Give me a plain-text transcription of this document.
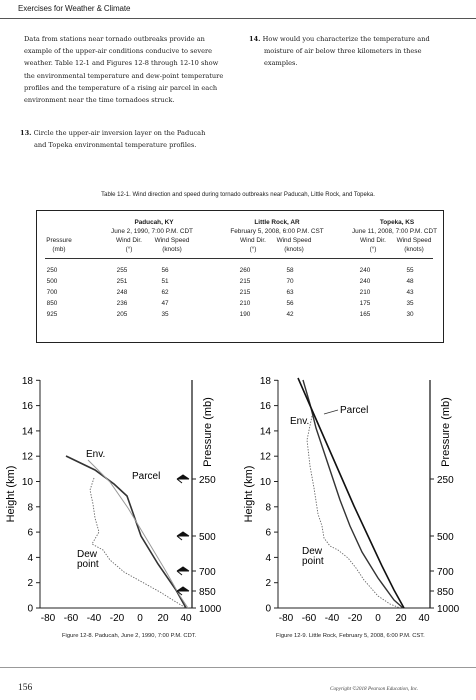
Exercises for Weather & Climate
Data from stations near tornado outbreaks provide an
example of the upper-air conditions conducive to severe
weather. Table 12-1 and Figures 12-8 through 12-10 show
the environmental temperature and dew-point temperature
profiles and the temperature of a rising air parcel in each
environment near the time tornadoes struck.
13. Circle the upper-air inversion layer on the Paducah
and Topeka environmental temperature profiles.
14. How would you characterize the temperature and
moisture of air below three kilometers in these
examples.
Table 12-1. Wind direction and speed during tornado outbreaks near Paducah, Little Rock, and Topeka.
Paducah, KY
June 2, 1990, 7:00 P.M. CDT
Little Rock, AR
February 5, 2008, 6:00 P.M. CST
Topeka, KS
June 11, 2008, 7:00 P.M. CDT
Pressure
(mb)
Wind Dir.	Wind Speed
(°)	(knots)
Wind Dir.	Wind Speed
(°)	(knots)
Wind Dir.	Wind Speed
(°)	(knots)
250	255	56	260	58	240	55
500	251	51	215	70	240	48
700	248	62	215	63	210	43
850	236	47	210	56	175	35
925	205	35	190	42	165	30
0
2
4
6
8
10
12
14
16
18
-80 -60 -40 -20 0 20 40
250
500
700
850
1000
Height (km)
Pressure (mb)
Env.
Parcel
Dew
point
Figure 12-8. Paducah, June 2, 1990, 7:00 P.M. CDT.
0
2
4
6
8
10
12
14
16
18
-80 -60 -40 -20 0 20 40
250
500
700
850
1000
Height (km)
Pressure (mb)
Env.
Parcel
Dew
point
Figure 12-9. Little Rock, February 5, 2008, 6:00 P.M. CST.
156	Copyright ©2018 Pearson Education, Inc.
